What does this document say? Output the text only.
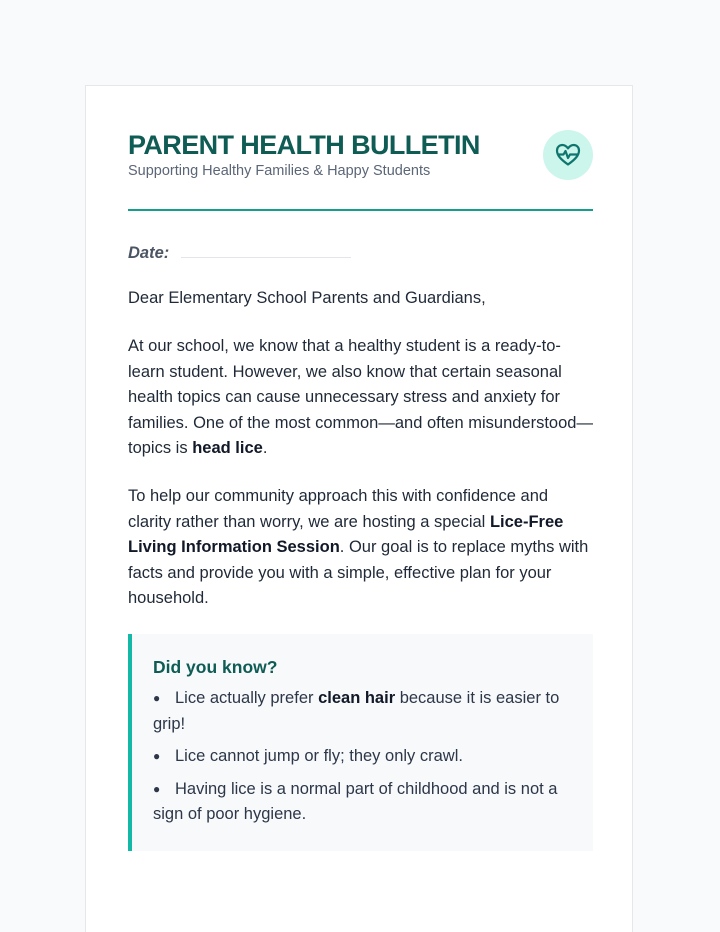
PARENT HEALTH BULLETIN
Supporting Healthy Families & Happy Students
Date:

Dear Elementary School Parents and Guardians,

At our school, we know that a healthy student is a ready-to-learn student. However, we also know that certain seasonal health topics can cause unnecessary stress and anxiety for families. One of the most common—and often misunderstood—topics is head lice.

To help our community approach this with confidence and clarity rather than worry, we are hosting a special Lice-Free Living Information Session. Our goal is to replace myths with facts and provide you with a simple, effective plan for your household.

Did you know?
● Lice actually prefer clean hair because it is easier to grip!
● Lice cannot jump or fly; they only crawl.
● Having lice is a normal part of childhood and is not a sign of poor hygiene.
